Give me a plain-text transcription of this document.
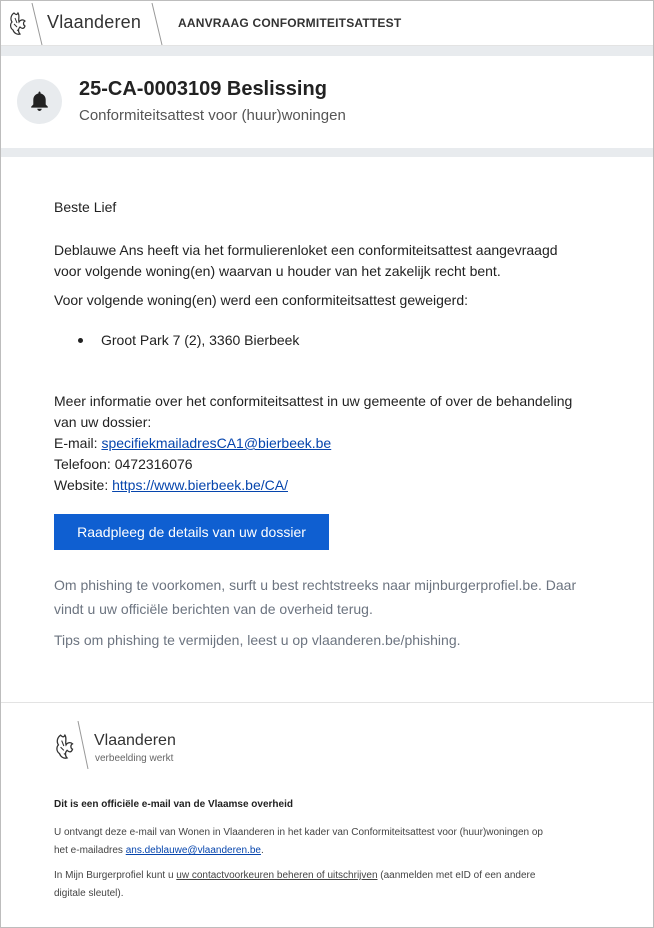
Vlaanderen	AANVRAAG CONFORMITEITSATTEST
25-CA-0003109 Beslissing
Conformiteitsattest voor (huur)woningen
Beste Lief
Deblauwe Ans heeft via het formulierenloket een conformiteitsattest aangevraagd
voor volgende woning(en) waarvan u houder van het zakelijk recht bent.
Voor volgende woning(en) werd een conformiteitsattest geweigerd:
Groot Park 7 (2), 3360 Bierbeek
Meer informatie over het conformiteitsattest in uw gemeente of over de behandeling
van uw dossier:
E-mail: specifiekmailadresCA1@bierbeek.be
Telefoon: 0472316076
Website: https://www.bierbeek.be/CA/
Raadpleeg de details van uw dossier
Om phishing te voorkomen, surft u best rechtstreeks naar mijnburgerprofiel.be. Daar
vindt u uw officiële berichten van de overheid terug.
Tips om phishing te vermijden, leest u op vlaanderen.be/phishing.
Vlaanderen
verbeelding werkt
Dit is een officiële e-mail van de Vlaamse overheid
U ontvangt deze e-mail van Wonen in Vlaanderen in het kader van Conformiteitsattest voor (huur)woningen op
het e-mailadres ans.deblauwe@vlaanderen.be.
In Mijn Burgerprofiel kunt u uw contactvoorkeuren beheren of uitschrijven (aanmelden met eID of een andere
digitale sleutel).
